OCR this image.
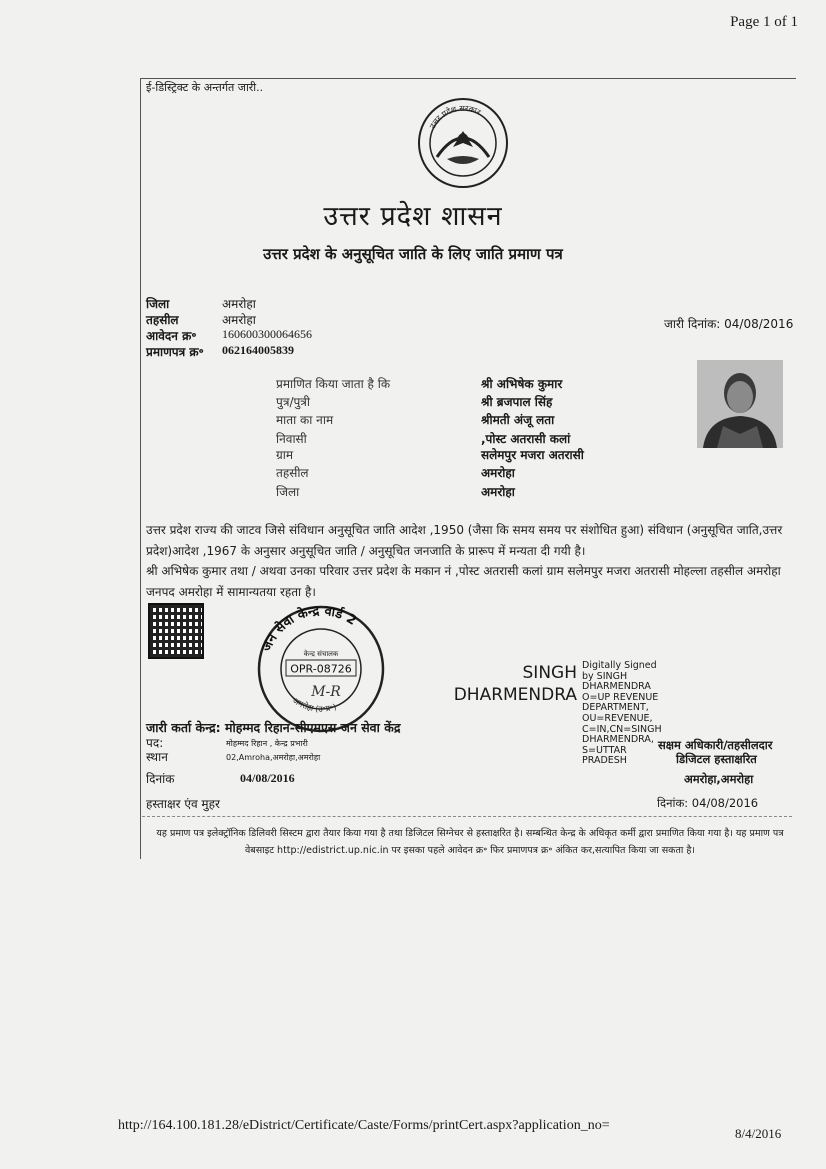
Page 1 of 1
ई-डिस्ट्रिक्ट के अन्तर्गत जारी..
उत्तर प्रदेश सरकार
उत्तर प्रदेश शासन
उत्तर प्रदेश के अनुसूचित जाति के लिए जाति प्रमाण पत्र
जिला	अमरोहा
तहसील	अमरोहा
आवेदन क्र॰ 160600300064656
प्रमाणपत्र क्र॰ 062164005839
जारी दिनांक: 04/08/2016
प्रमाणित किया जाता है कि	श्री अभिषेक कुमार
पुत्र/पुत्री	श्री ब्रजपाल सिंह
माता का नाम	श्रीमती अंजू लता
निवासी	,पोस्ट अतरासी कलां
ग्राम	सलेमपुर मजरा अतरासी
तहसील	अमरोहा
जिला	अमरोहा
उत्तर प्रदेश राज्य की जाटव जिसे संविधान अनुसूचित जाति आदेश ,1950 (जैसा कि समय समय पर संशोधित हुआ) संविधान (अनुसूचित जाति,उत्तर प्रदेश)आदेश ,1967 के अनुसार अनुसूचित जाति / अनुसूचित जनजाति के प्रारूप में मन्यता दी गयी है।
श्री अभिषेक कुमार तथा / अथवा उनका परिवार उत्तर प्रदेश के मकान नं ,पोस्ट अतरासी कलां ग्राम सलेमपुर मजरा अतरासी मोहल्ला तहसील अमरोहा जनपद अमरोहा में सामान्यतया रहता है।
जन सेवा केन्द्र वार्ड 2
अमरोहा (उ॰प्र॰)
केन्द्र संचालक
OPR-08726
M-R
SINGH DHARMENDRA
Digitally Signed by SINGH DHARMENDRA O=UP REVENUE DEPARTMENT, OU=REVENUE, C=IN,CN=SINGH DHARMENDRA, S=UTTAR PRADESH
जारी कर्ता केन्द्र: मोहम्मद रिहान-सीएमएस जन सेवा केंद्र
पद:	मोहम्मद रिहान , केन्द्र प्रभारी
स्थान	02,Amroha,अमरोहा,अमरोहा
दिनांक	04/08/2016
हस्ताक्षर एंव मुहर
सक्षम अधिकारी/तहसीलदार
डिजिटल हस्ताक्षरित
अमरोहा,अमरोहा
दिनांक: 04/08/2016
यह प्रमाण पत्र इलेक्ट्रॉनिक डिलिवरी सिस्टम द्वारा तैयार किया गया है तथा डिजिटल सिग्नेचर से हस्ताक्षरित है। सम्बन्धित केन्द्र के अधिकृत कर्मी द्वारा प्रमाणित किया गया है। यह प्रमाण पत्र वेबसाइट http://edistrict.up.nic.in पर इसका पहले आवेदन क्र॰ फिर प्रमाणपत्र क्र॰ अंकित कर,सत्यापित किया जा सकता है।
http://164.100.181.28/eDistrict/Certificate/Caste/Forms/printCert.aspx?application_no=
8/4/2016
